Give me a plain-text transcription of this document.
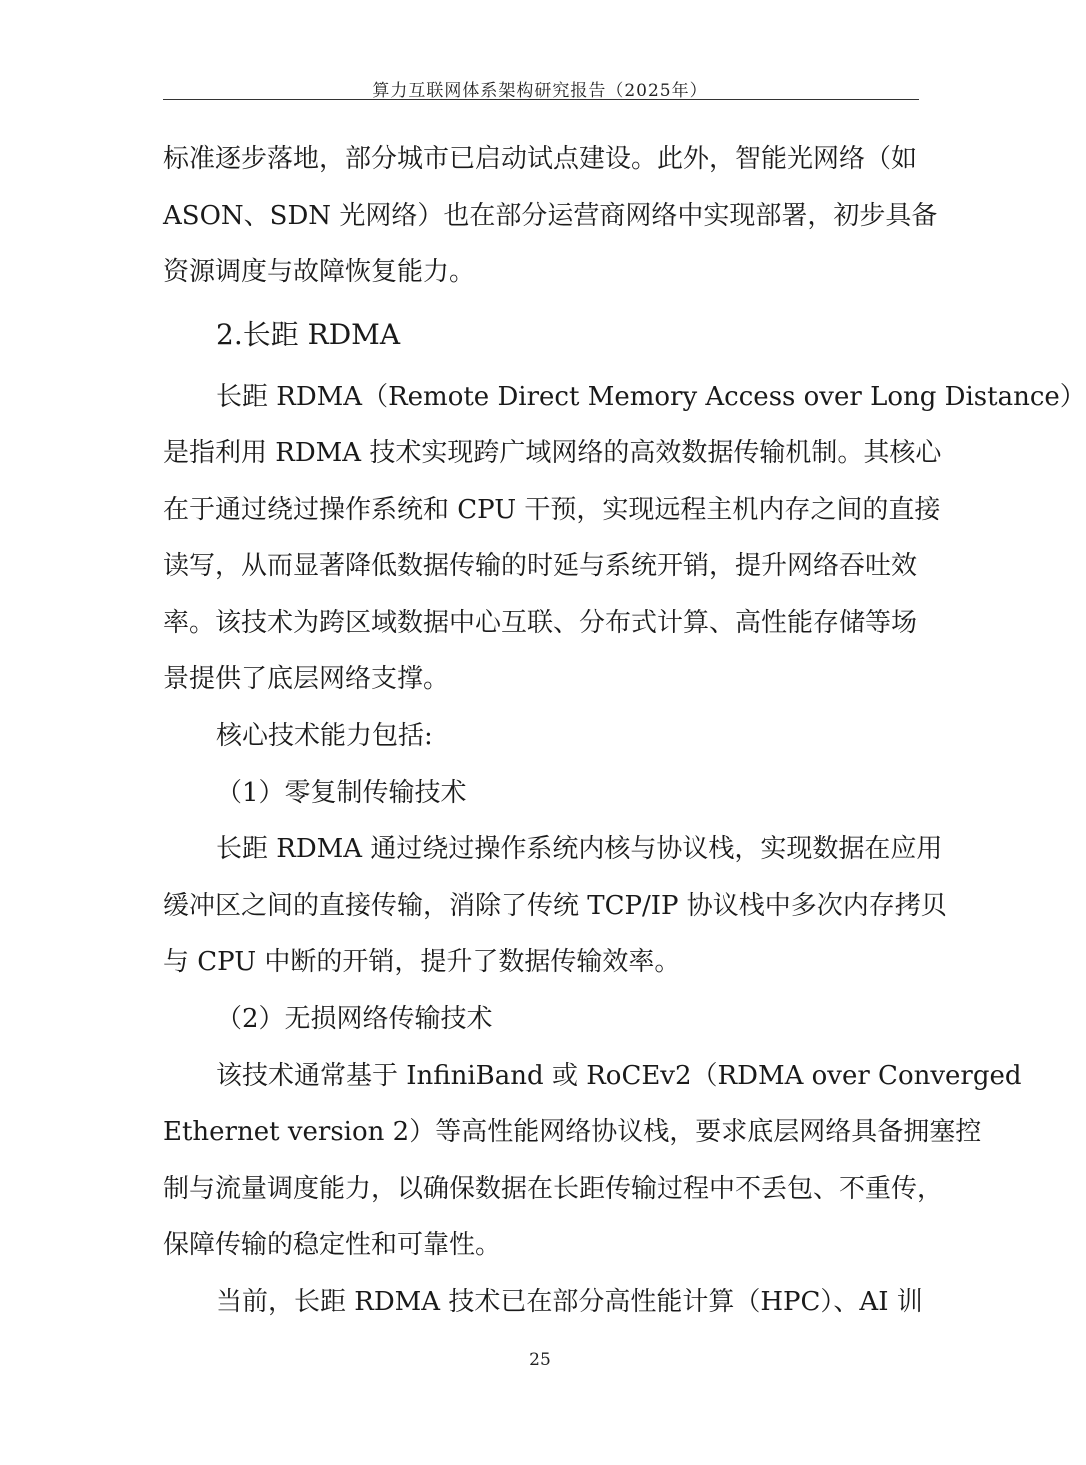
算力互联网体系架构研究报告（2025年）
标准逐步落地，部分城市已启动试点建设。此外，智能光网络（如
ASON、SDN 光网络）也在部分运营商网络中实现部署，初步具备
资源调度与故障恢复能力。
2.长距 RDMA
长距 RDMA（Remote Direct Memory Access over Long Distance）
是指利用 RDMA 技术实现跨广域网络的高效数据传输机制。其核心
在于通过绕过操作系统和 CPU 干预，实现远程主机内存之间的直接
读写，从而显著降低数据传输的时延与系统开销，提升网络吞吐效
率。该技术为跨区域数据中心互联、分布式计算、高性能存储等场
景提供了底层网络支撑。
核心技术能力包括:
（1）零复制传输技术
长距 RDMA 通过绕过操作系统内核与协议栈，实现数据在应用
缓冲区之间的直接传输，消除了传统 TCP/IP 协议栈中多次内存拷贝
与 CPU 中断的开销，提升了数据传输效率。
（2）无损网络传输技术
该技术通常基于 InfiniBand 或 RoCEv2（RDMA over Converged
Ethernet version 2）等高性能网络协议栈，要求底层网络具备拥塞控
制与流量调度能力，以确保数据在长距传输过程中不丢包、不重传，
保障传输的稳定性和可靠性。
当前，长距 RDMA 技术已在部分高性能计算（HPC）、AI 训
25
